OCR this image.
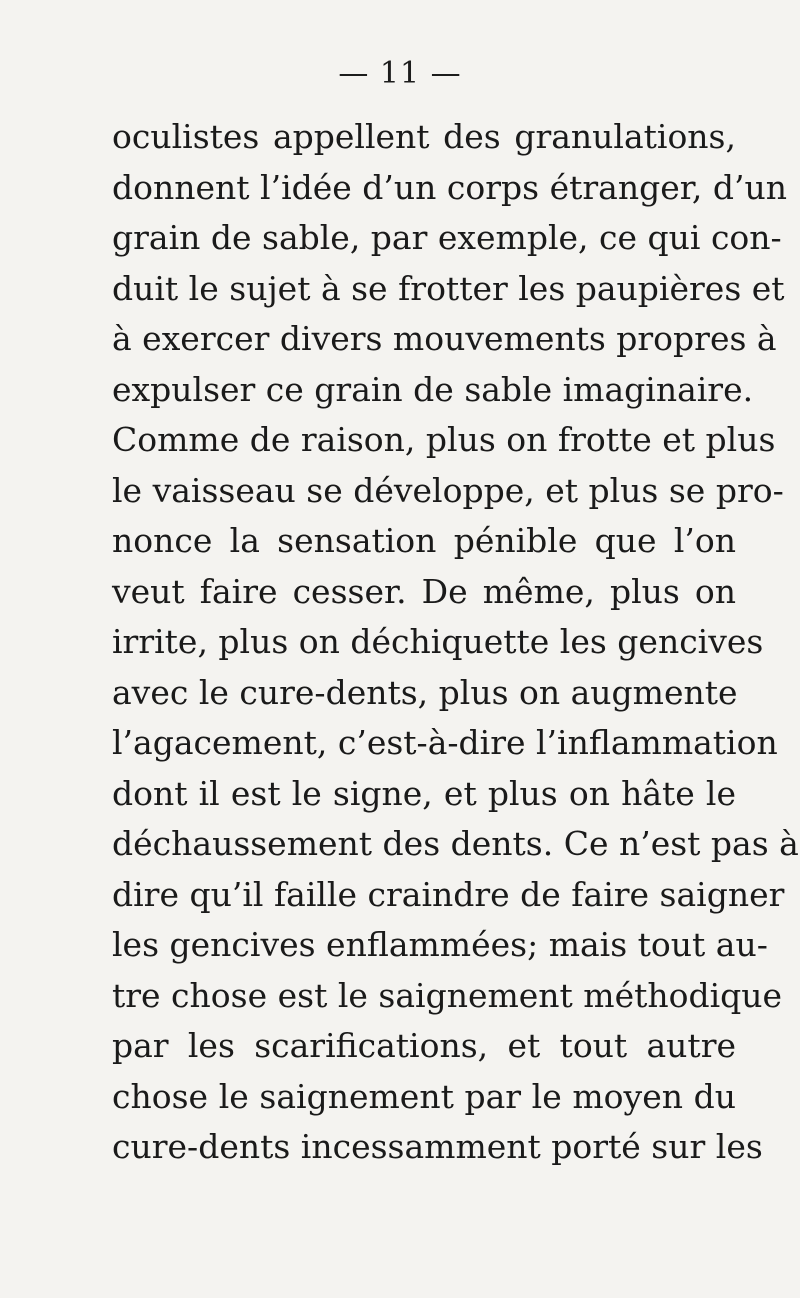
— 11 —
oculistes appellent des granulations,
donnent l’idée d’un corps étranger, d’un
grain de sable, par exemple, ce qui con-
duit le sujet à se frotter les paupières et
à exercer divers mouvements propres à
expulser ce grain de sable imaginaire.
Comme de raison, plus on frotte et plus
le vaisseau se développe, et plus se pro-
nonce la sensation pénible que l’on
veut faire cesser. De même, plus on
irrite, plus on déchiquette les gencives
avec le cure-dents, plus on augmente
l’agacement, c’est-à-dire l’inflammation
dont il est le signe, et plus on hâte le
déchaussement des dents. Ce n’est pas à
dire qu’il faille craindre de faire saigner
les gencives enflammées; mais tout au-
tre chose est le saignement méthodique
par les scarifications, et tout autre
chose le saignement par le moyen du
cure-dents incessamment porté sur les
